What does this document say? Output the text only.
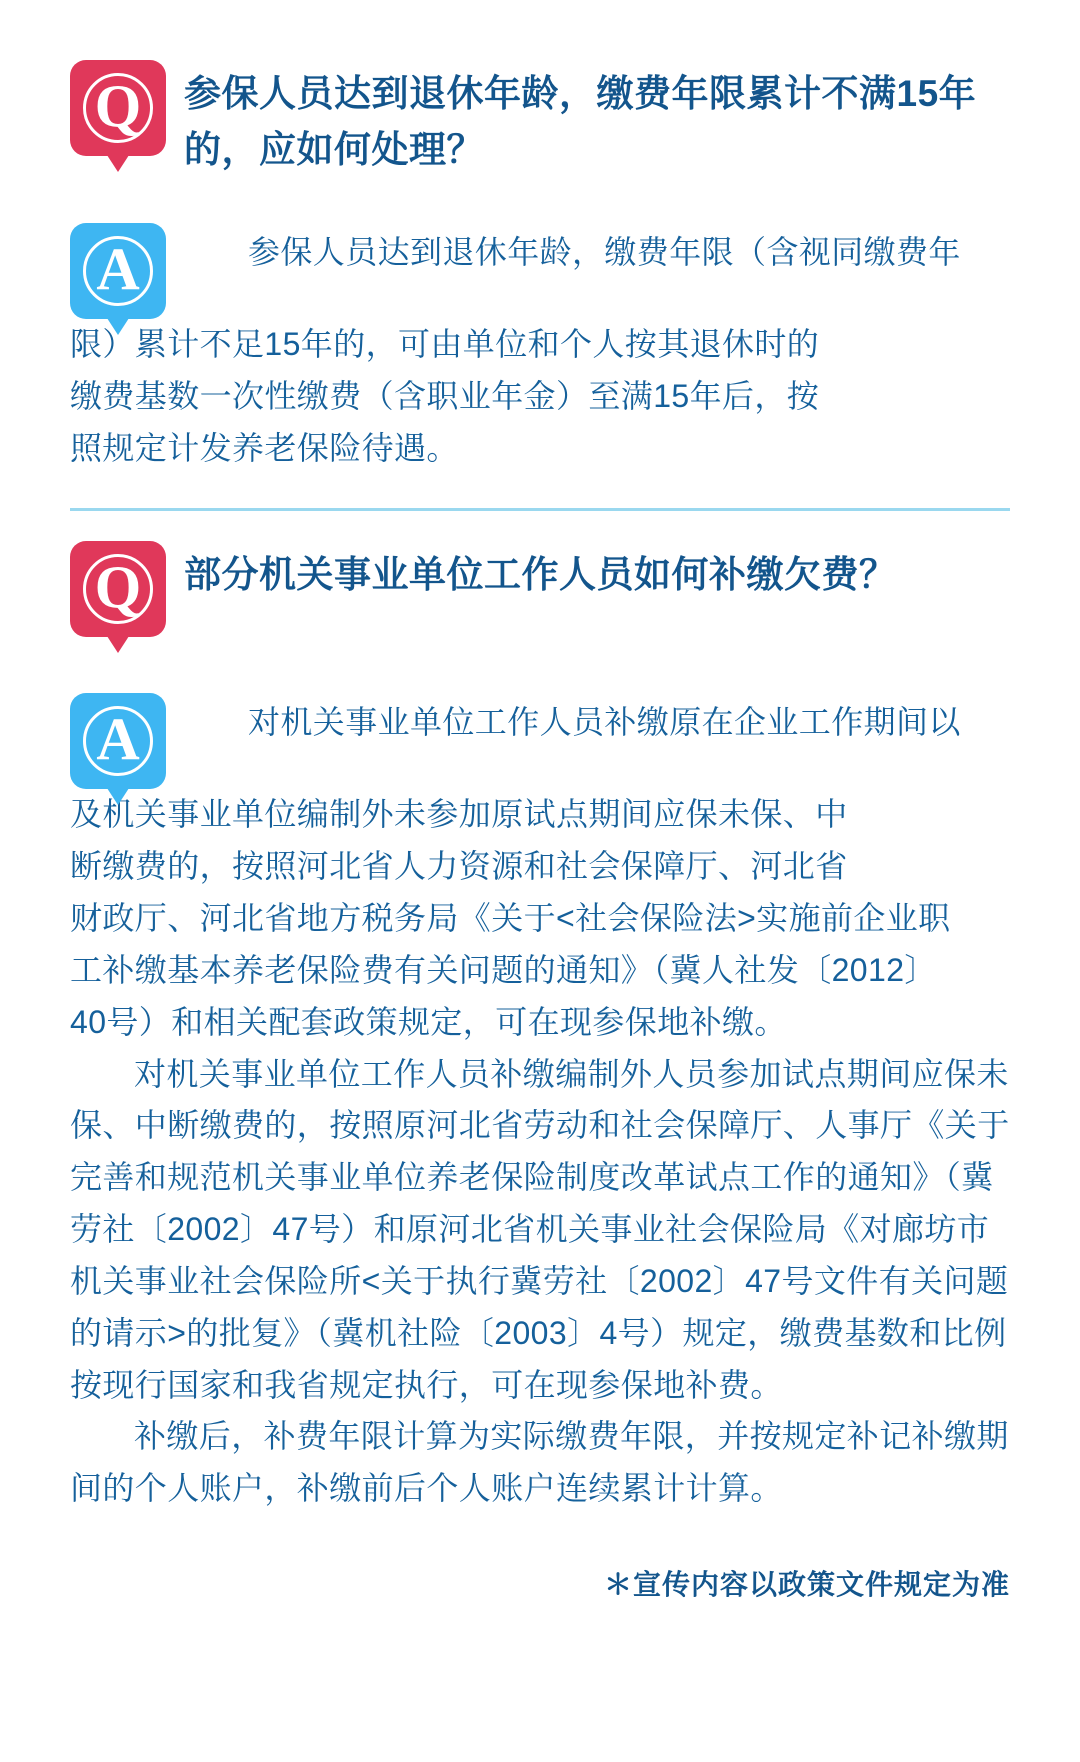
Q	参保人员达到退休年龄，缴费年限累计不满15年的，应如何处理？
A	参保人员达到退休年龄，缴费年限（含视同缴费年

限）累计不足15年的，可由单位和个人按其退休时的

缴费基数一次性缴费（含职业年金）至满15年后，按

照规定计发养老保险待遇。

Q	部分机关事业单位工作人员如何补缴欠费？
A	对机关事业单位工作人员补缴原在企业工作期间以

及机关事业单位编制外未参加原试点期间应保未保、中

断缴费的，按照河北省人力资源和社会保障厅、河北省

财政厅、河北省地方税务局《关于<社会保险法>实施前企业职

工补缴基本养老保险费有关问题的通知》（冀人社发〔2012〕

40号）和相关配套政策规定，可在现参保地补缴。

对机关事业单位工作人员补缴编制外人员参加试点期间应保未保、中断缴费的，按照原河北省劳动和社会保障厅、人事厅《关于完善和规范机关事业单位养老保险制度改革试点工作的通知》（冀劳社〔2002〕47号）和原河北省机关事业社会保险局《对廊坊市机关事业社会保险所<关于执行冀劳社〔2002〕47号文件有关问题的请示>的批复》（冀机社险〔2003〕4号）规定，缴费基数和比例按现行国家和我省规定执行，可在现参保地补费。

补缴后，补费年限计算为实际缴费年限，并按规定补记补缴期间的个人账户，补缴前后个人账户连续累计计算。

＊宣传内容以政策文件规定为准
